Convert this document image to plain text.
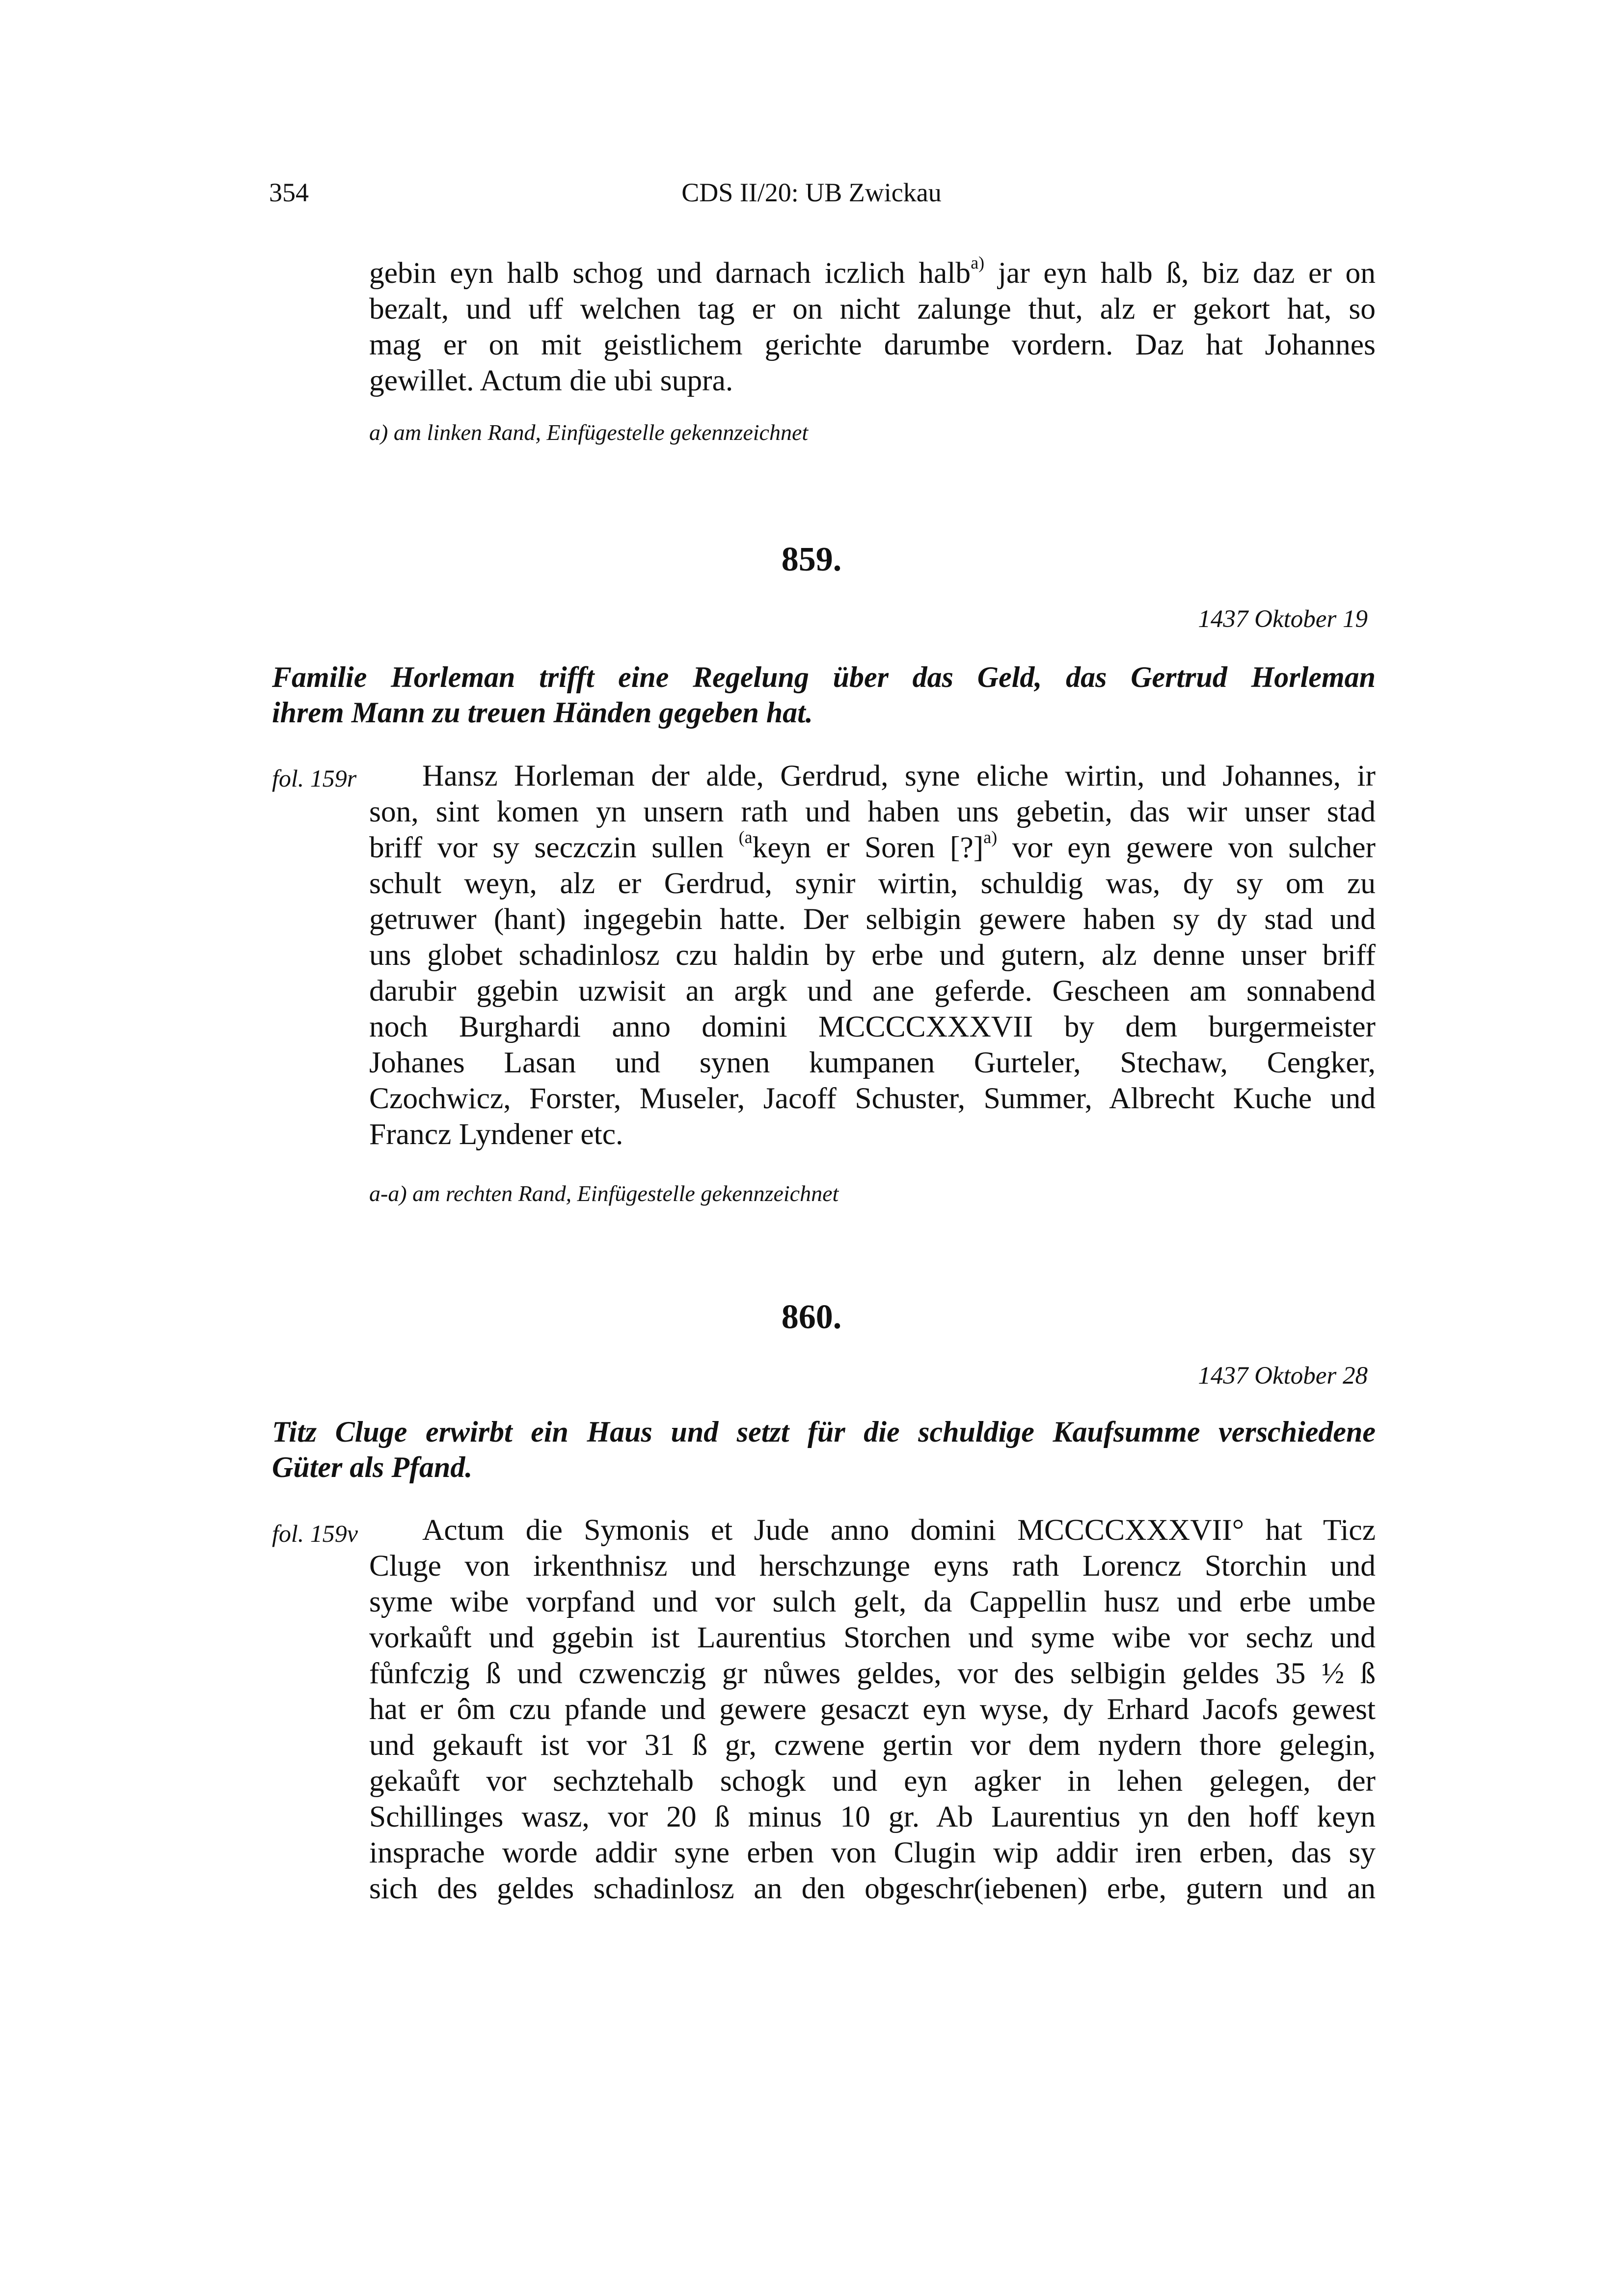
354	CDS II/20: UB Zwickau
gebin eyn halb schog und darnach iczlich halb$^{a)}$ jar eyn halb ß, biz daz er on
bezalt, und uff welchen tag er on nicht zalunge thut, alz er gekort hat, so
mag er on mit geistlichem gerichte darumbe vordern. Daz hat Johannes
gewillet. Actum die ubi supra.
a) am linken Rand, Einfügestelle gekennzeichnet
859.
1437 Oktober 19
Familie Horleman trifft eine Regelung über das Geld, das Gertrud Horleman
ihrem Mann zu treuen Händen gegeben hat.
fol. 159r	Hansz Horleman der alde, Gerdrud, syne eliche wirtin, und Johannes, ir
son, sint komen yn unsern rath und haben uns gebetin, das wir unser stad
briff vor sy seczczin sullen $^{(a}$keyn er Soren [?]$^{a)}$ vor eyn gewere von sulcher
schult weyn, alz er Gerdrud, synir wirtin, schuldig was, dy sy om zu
getruwer (hant) ingegebin hatte. Der selbigin gewere haben sy dy stad und
uns globet schadinlosz czu haldin by erbe und gutern, alz denne unser briff
darubir ggebin uzwisit an argk und ane geferde. Gescheen am sonnabend
noch Burghardi anno domini MCCCCXXXVII by dem burgermeister
Johanes Lasan und synen kumpanen Gurteler, Stechaw, Cengker,
Czochwicz, Forster, Museler, Jacoff Schuster, Summer, Albrecht Kuche und
Francz Lyndener etc.
a-a) am rechten Rand, Einfügestelle gekennzeichnet
860.
1437 Oktober 28
Titz Cluge erwirbt ein Haus und setzt für die schuldige Kaufsumme verschiedene
Güter als Pfand.
fol. 159v	Actum die Symonis et Jude anno domini MCCCCXXXVII° hat Ticz
Cluge von irkenthnisz und herschzunge eyns rath Lorencz Storchin und
syme wibe vorpfand und vor sulch gelt, da Cappellin husz und erbe umbe
vorkaůft und ggebin ist Laurentius Storchen und syme wibe vor sechz und
fůnfczig ß und czwenczig gr nůwes geldes, vor des selbigin geldes 35 ½ ß
hat er ôm czu pfande und gewere gesaczt eyn wyse, dy Erhard Jacofs gewest
und gekauft ist vor 31 ß gr, czwene gertin vor dem nydern thore gelegin,
gekaůft vor sechztehalb schogk und eyn agker in lehen gelegen, der
Schillinges wasz, vor 20 ß minus 10 gr. Ab Laurentius yn den hoff keyn
insprache worde addir syne erben von Clugin wip addir iren erben, das sy
sich des geldes schadinlosz an den obgeschr(iebenen) erbe, gutern und an
